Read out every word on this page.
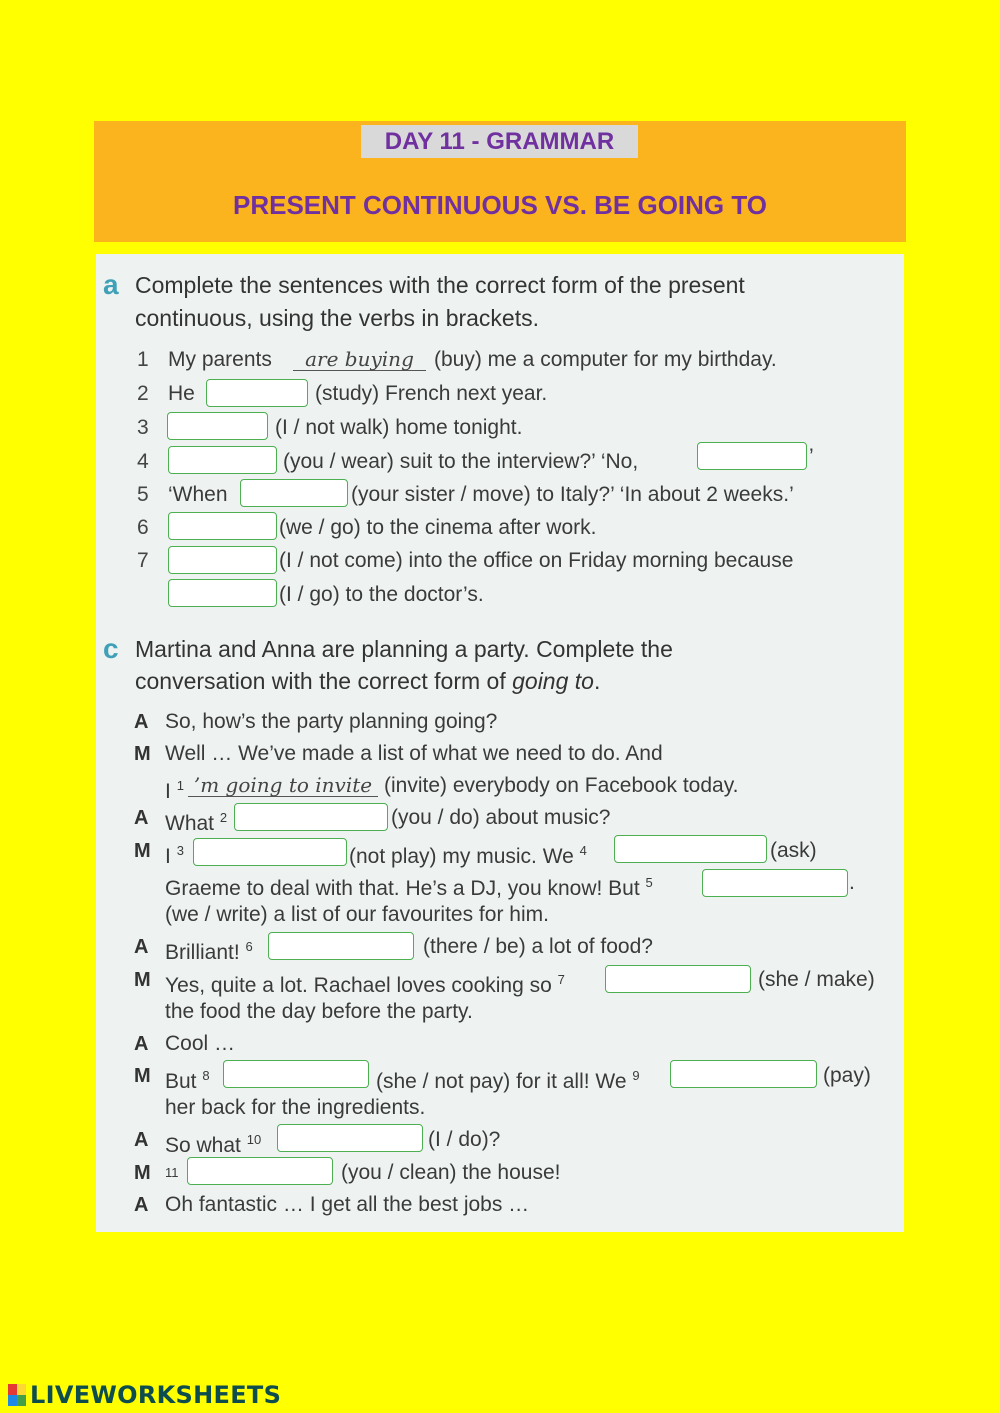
DAY 11 - GRAMMAR
PRESENT CONTINUOUS VS. BE GOING TO
a Complete the sentences with the correct form of the present
continuous, using the verbs in brackets.
1 My parents	are buying (buy) me a computer for my birthday.
2 He	(study) French next year.
3	(I / not walk) home tonight.
4	(you / wear) suit to the interview?’ ‘No,	’
5 ‘When	(your sister / move) to Italy?’ ‘In about 2 weeks.’
6	(we / go) to the cinema after work.
7	(I / not come) into the office on Friday morning because
(I / go) to the doctor’s.
c Martina and Anna are planning a party. Complete the
conversation with the correct form of going to.
A So, how’s the party planning going?
M Well … We’ve made a list of what we need to do. And
I $^1$ ’m going to invite (invite) everybody on Facebook today.
A What $^2$	(you / do) about music?
M I $^3$	(not play) my music. We $^4$	(ask)
Graeme to deal with that. He’s a DJ, you know! But $^5$	.
(we / write) a list of our favourites for him.
A Brilliant! $^6$	(there / be) a lot of food?
M Yes, quite a lot. Rachael loves cooking so $^7$	(she / make)
the food the day before the party.
A Cool …
M But $^8$	(she / not pay) for it all! We $^9$	(pay)
her back for the ingredients.
A So what $^{10}$	(I / do)?
M $^{11}$	(you / clean) the house!
A Oh fantastic … I get all the best jobs …
LIVEWORKSHEETS
